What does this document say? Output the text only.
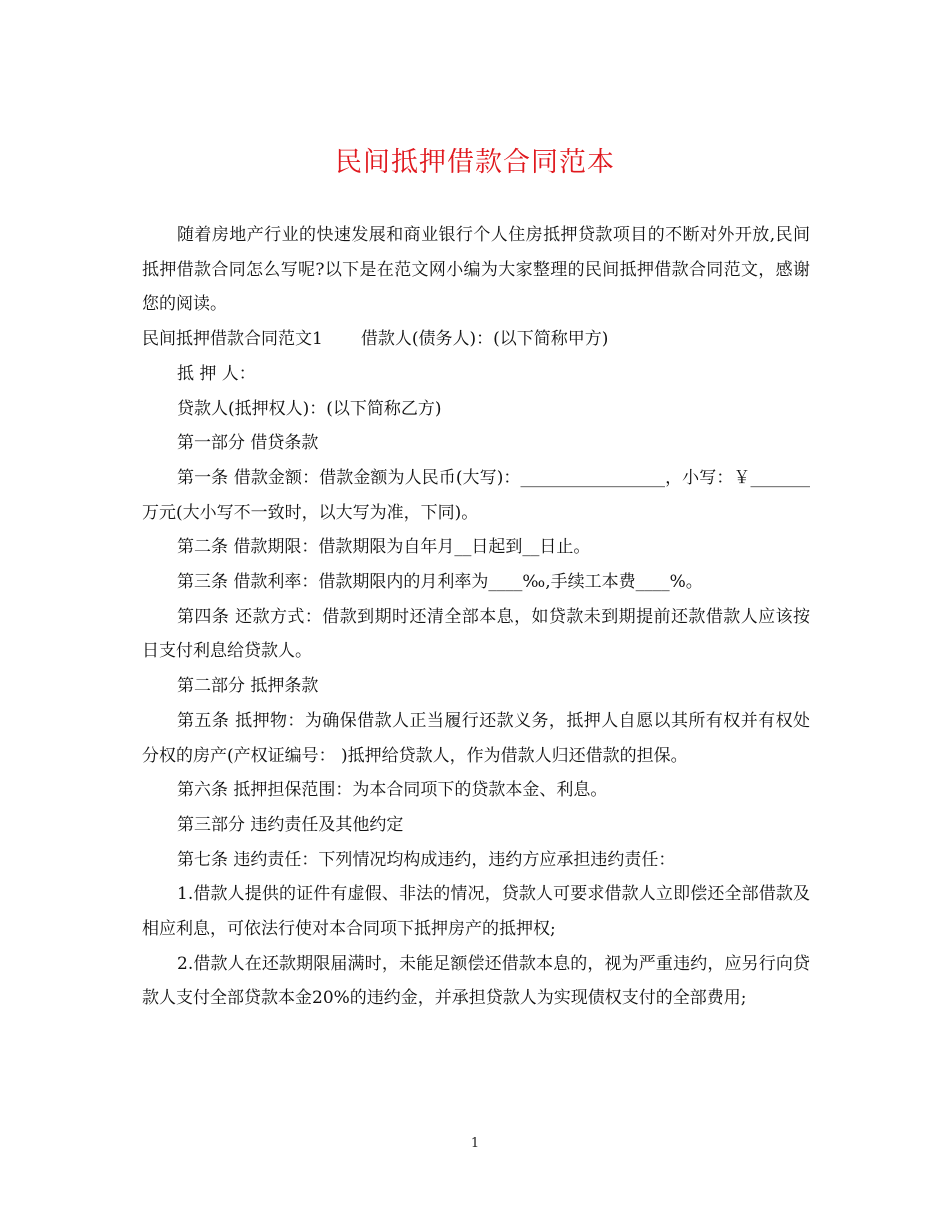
民间抵押借款合同范本

随着房地产行业的快速发展和商业银行个人住房抵押贷款项目的不断对外开放,民间抵押借款合同怎么写呢?以下是在范文网小编为大家整理的民间抵押借款合同范文，感谢您的阅读。

民间抵押借款合同范文1 借款人(债务人)：(以下简称甲方)

抵 押 人：

贷款人(抵押权人)：(以下简称乙方)

第一部分 借贷条款

第一条 借款金额：借款金额为人民币(大写)：_________________，小写：￥_______万元(大小写不一致时，以大写为准，下同)。

第二条 借款期限：借款期限为自年月__日起到__日止。

第三条 借款利率：借款期限内的月利率为____‰,手续工本费____%。

第四条 还款方式：借款到期时还清全部本息，如贷款未到期提前还款借款人应该按日支付利息给贷款人。

第二部分 抵押条款

第五条 抵押物：为确保借款人正当履行还款义务，抵押人自愿以其所有权并有权处分权的房产(产权证编号： )抵押给贷款人，作为借款人归还借款的担保。

第六条 抵押担保范围：为本合同项下的贷款本金、利息。

第三部分 违约责任及其他约定

第七条 违约责任：下列情况均构成违约，违约方应承担违约责任：

1.借款人提供的证件有虚假、非法的情况，贷款人可要求借款人立即偿还全部借款及相应利息，可依法行使对本合同项下抵押房产的抵押权;

2.借款人在还款期限届满时，未能足额偿还借款本息的，视为严重违约，应另行向贷款人支付全部贷款本金20%的违约金，并承担贷款人为实现债权支付的全部费用;

1
